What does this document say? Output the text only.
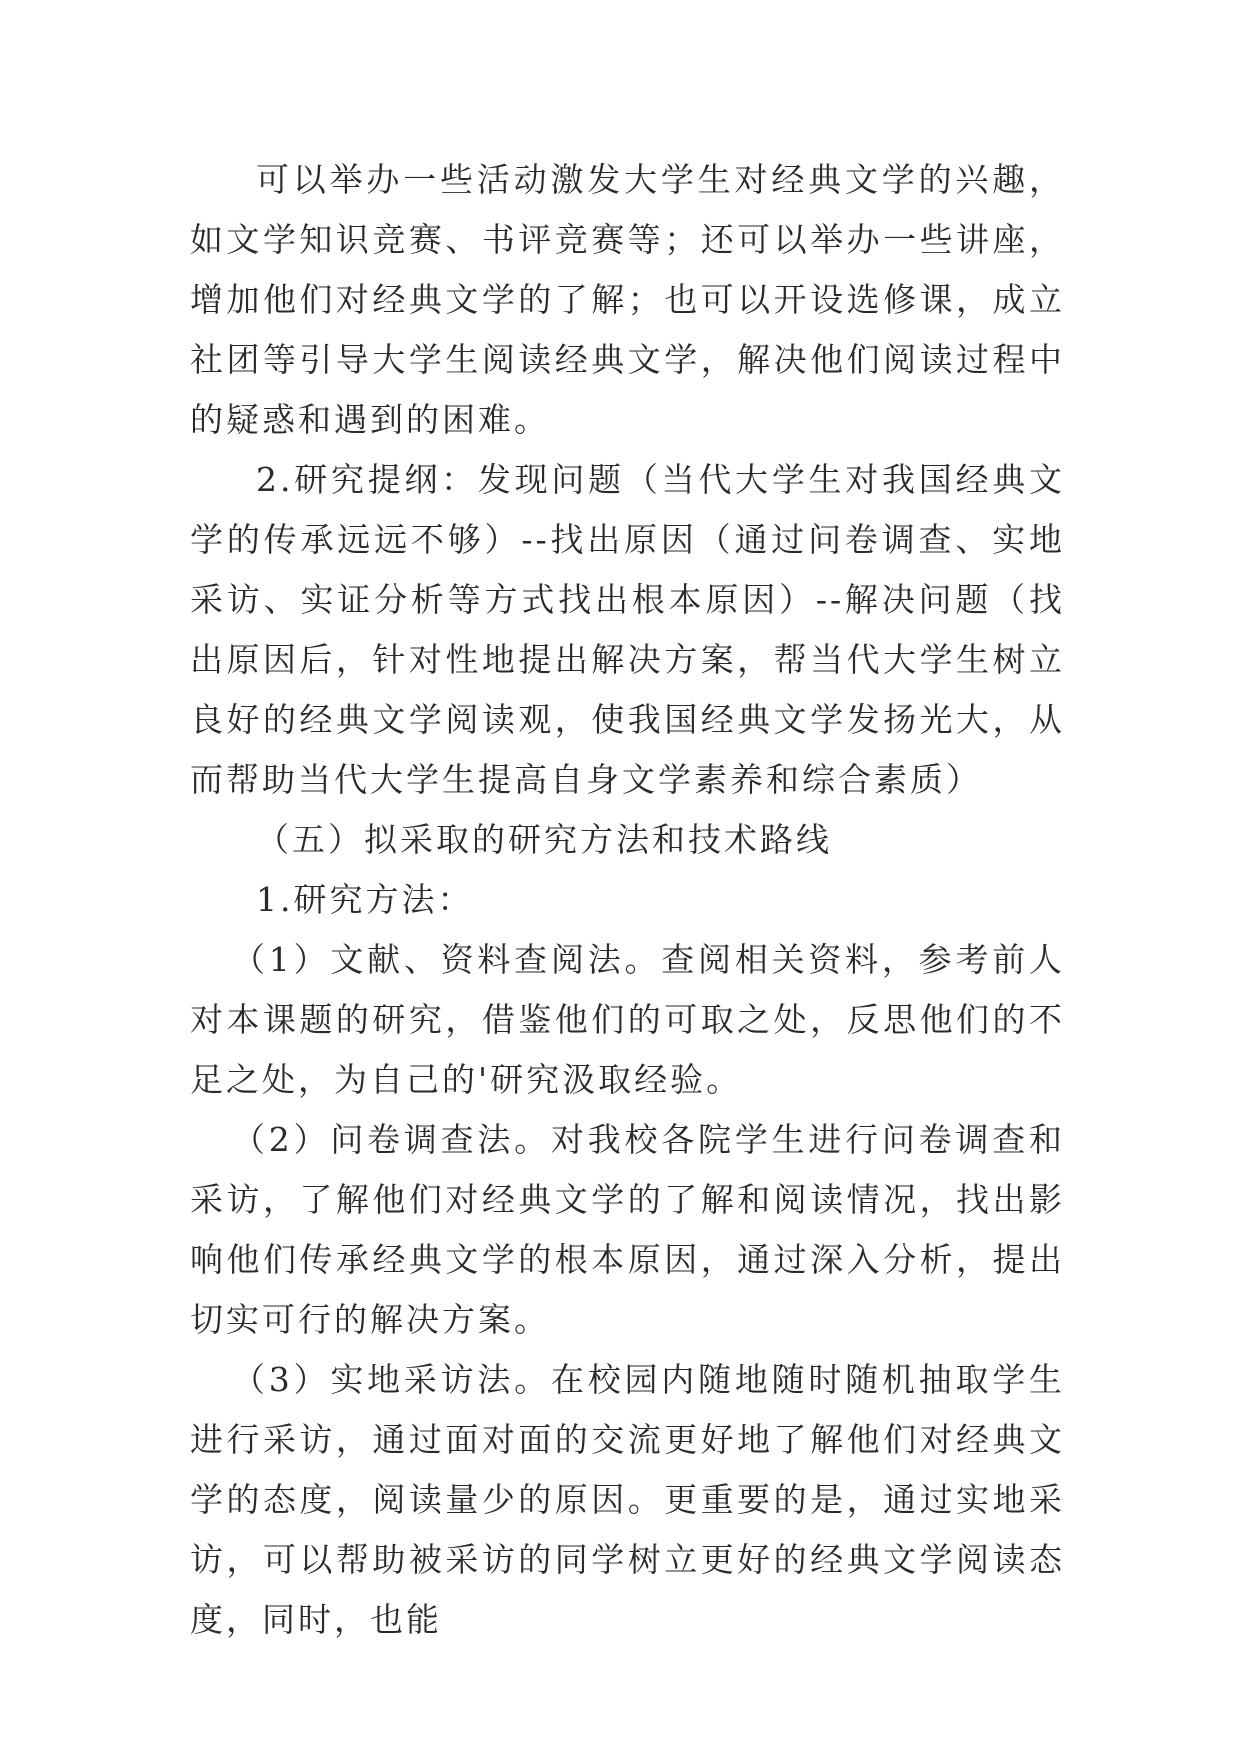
可以举办一些活动激发大学生对经典文学的兴趣，如文学知识竞赛、书评竞赛等；还可以举办一些讲座，增加他们对经典文学的了解；也可以开设选修课，成立社团等引导大学生阅读经典文学，解决他们阅读过程中的疑惑和遇到的困难。

2.研究提纲：发现问题（当代大学生对我国经典文学的传承远远不够）--找出原因（通过问卷调查、实地采访、实证分析等方式找出根本原因）--解决问题（找出原因后，针对性地提出解决方案，帮当代大学生树立良好的经典文学阅读观，使我国经典文学发扬光大，从而帮助当代大学生提高自身文学素养和综合素质）

（五）拟采取的研究方法和技术路线

1.研究方法：

（1）文献、资料查阅法。查阅相关资料，参考前人对本课题的研究，借鉴他们的可取之处，反思他们的不足之处，为自己的'研究汲取经验。

（2）问卷调查法。对我校各院学生进行问卷调查和采访，了解他们对经典文学的了解和阅读情况，找出影响他们传承经典文学的根本原因，通过深入分析，提出切实可行的解决方案。

（3）实地采访法。在校园内随地随时随机抽取学生进行采访，通过面对面的交流更好地了解他们对经典文学的态度，阅读量少的原因。更重要的是，通过实地采访，可以帮助被采访的同学树立更好的经典文学阅读态度，同时，也能
